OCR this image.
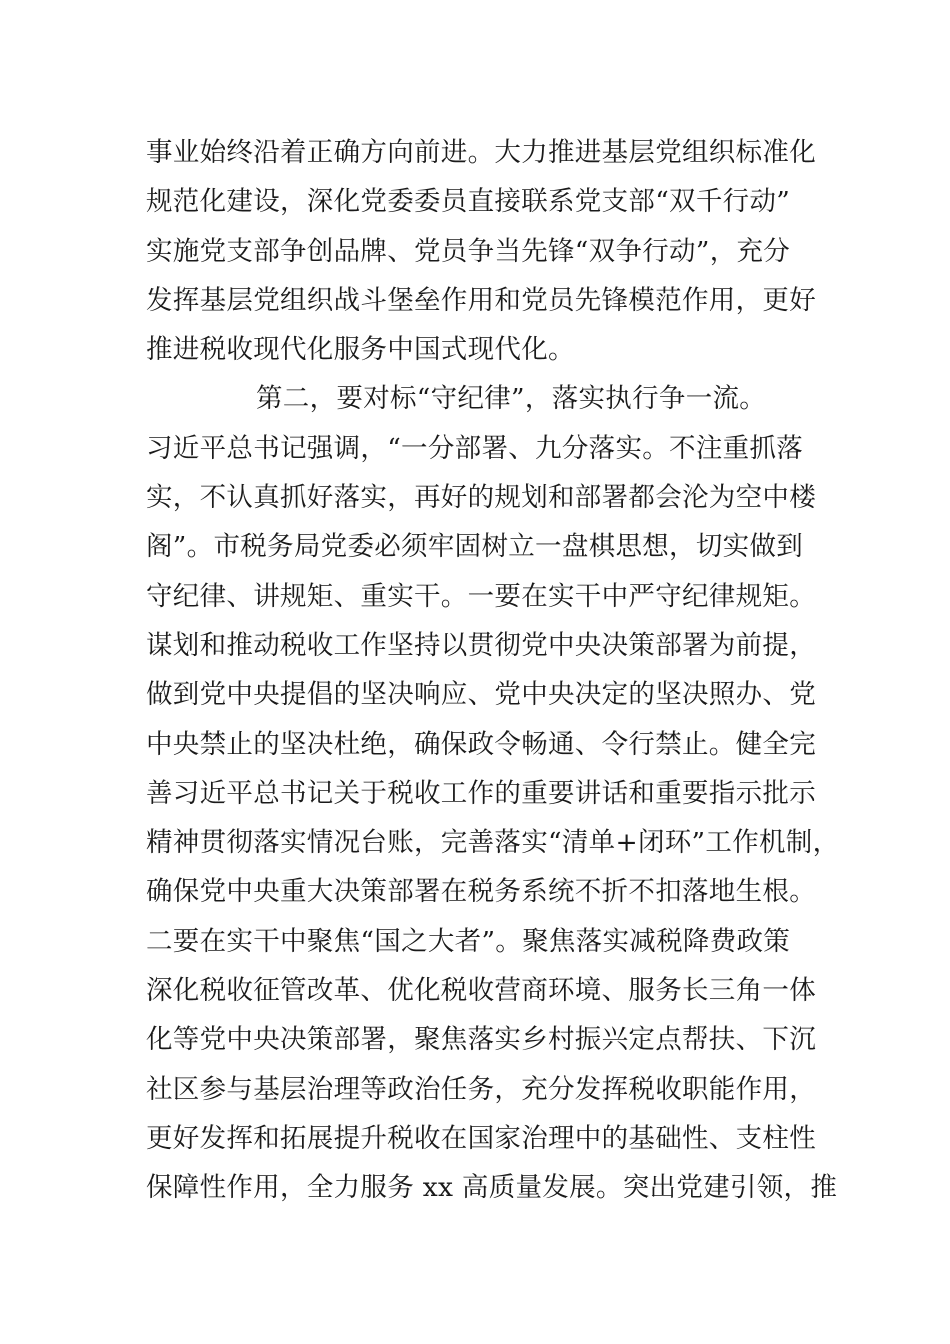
事业始终沿着正确方向前进。大力推进基层党组织标准化
规范化建设，深化党委委员直接联系党支部“双千行动”
实施党支部争创品牌、党员争当先锋“双争行动”，充分
发挥基层党组织战斗堡垒作用和党员先锋模范作用，更好
推进税收现代化服务中国式现代化。
第二，要对标“守纪律”，落实执行争一流。
习近平总书记强调，“一分部署、九分落实。不注重抓落
实，不认真抓好落实，再好的规划和部署都会沦为空中楼
阁”。市税务局党委必须牢固树立一盘棋思想，切实做到
守纪律、讲规矩、重实干。一要在实干中严守纪律规矩。
谋划和推动税收工作坚持以贯彻党中央决策部署为前提，
做到党中央提倡的坚决响应、党中央决定的坚决照办、党
中央禁止的坚决杜绝，确保政令畅通、令行禁止。健全完
善习近平总书记关于税收工作的重要讲话和重要指示批示
精神贯彻落实情况台账，完善落实“清单+闭环”工作机制，
确保党中央重大决策部署在税务系统不折不扣落地生根。
二要在实干中聚焦“国之大者”。聚焦落实减税降费政策
深化税收征管改革、优化税收营商环境、服务长三角一体
化等党中央决策部署，聚焦落实乡村振兴定点帮扶、下沉
社区参与基层治理等政治任务，充分发挥税收职能作用，
更好发挥和拓展提升税收在国家治理中的基础性、支柱性
保障性作用，全力服务 xx 高质量发展。突出党建引领，推
